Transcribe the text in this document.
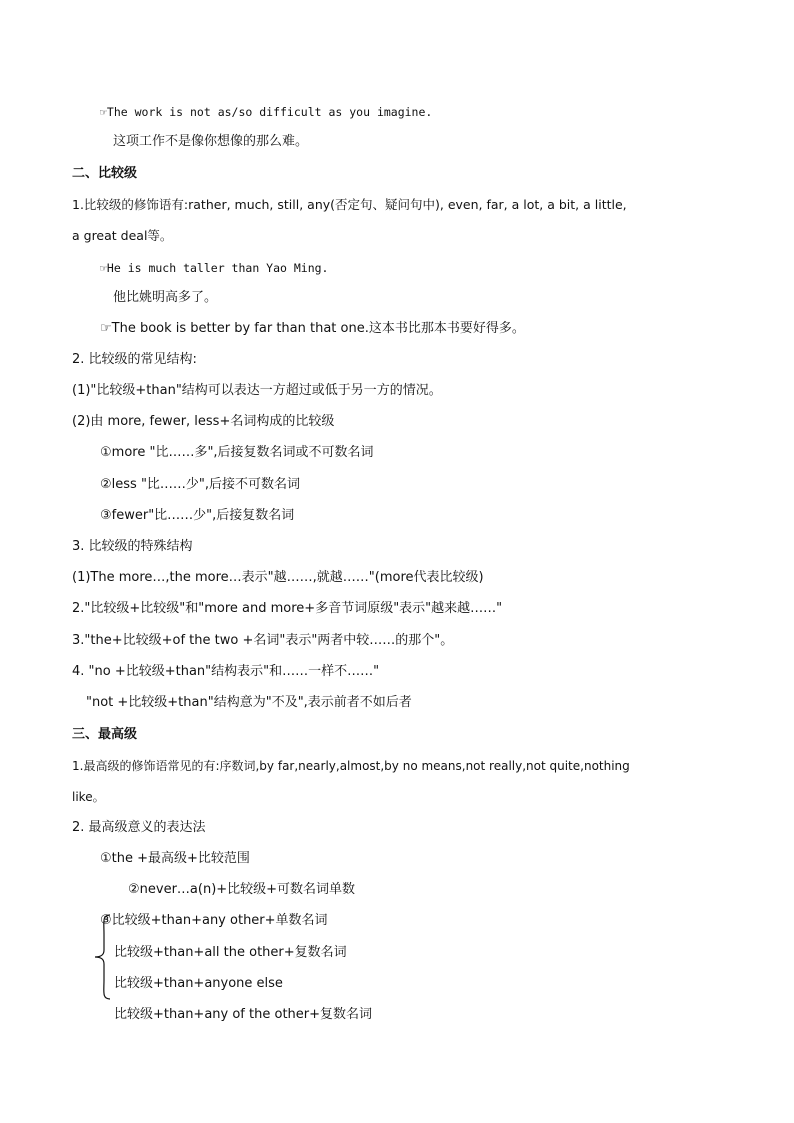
☞The work is not as/so difficult as you imagine.
这项工作不是像你想像的那么难。
二、比较级
1.比较级的修饰语有:rather, much, still, any(否定句、疑问句中), even, far, a lot, a bit, a little,
a great deal等。
☞He is much taller than Yao Ming.
他比姚明高多了。
☞The book is better by far than that one.这本书比那本书要好得多。
2. 比较级的常见结构:
(1)"比较级+than"结构可以表达一方超过或低于另一方的情况。
(2)由 more, fewer, less+名词构成的比较级
①more "比……多",后接复数名词或不可数名词
②less "比……少",后接不可数名词
③fewer"比……少",后接复数名词
3. 比较级的特殊结构
(1)The more…,the more…表示"越……,就越……"(more代表比较级)
2."比较级+比较级"和"more and more+多音节词原级"表示"越来越……"
3."the+比较级+of the two +名词"表示"两者中较……的那个"。
4. "no +比较级+than"结构表示"和……一样不……"
"not +比较级+than"结构意为"不及",表示前者不如后者
三、最高级
1.最高级的修饰语常见的有:序数词,by far,nearly,almost,by no means,not really,not quite,nothing
like。
2. 最高级意义的表达法
①the +最高级+比较范围
②never…a(n)+比较级+可数名词单数
③比较级+than+any other+单数名词
比较级+than+all the other+复数名词
比较级+than+anyone else
比较级+than+any of the other+复数名词
